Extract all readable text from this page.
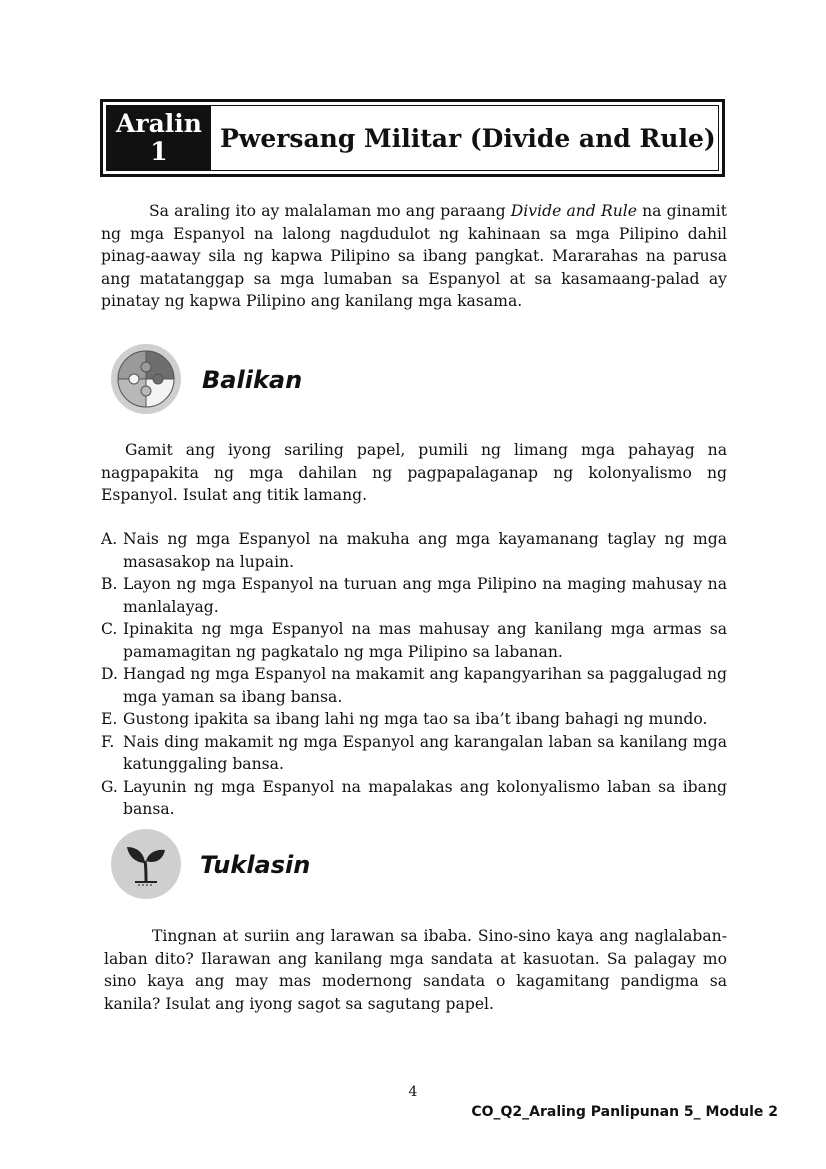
Aralin
1	Pwersang Militar (Divide and Rule)

Sa araling ito ay malalaman mo ang paraang Divide and Rule na ginamit ng mga Espanyol na lalong nagdudulot ng kahinaan sa mga Pilipino dahil pinag-aaway sila ng kapwa Pilipino sa ibang pangkat. Mararahas na parusa ang matatanggap sa mga lumaban sa Espanyol at sa kasamaang-palad ay pinatay ng kapwa Pilipino ang kanilang mga kasama.

Balikan

Gamit ang iyong sariling papel, pumili ng limang mga pahayag na nagpapakita ng mga dahilan ng pagpapalaganap ng kolonyalismo ng Espanyol. Isulat ang titik lamang.

A. Nais ng mga Espanyol na makuha ang mga kayamanang taglay ng mga masasakop na lupain.
B. Layon ng mga Espanyol na turuan ang mga Pilipino na maging mahusay na manlalayag.
C. Ipinakita ng mga Espanyol na mas mahusay ang kanilang mga armas sa pamamagitan ng pagkatalo ng mga Pilipino sa labanan.
D. Hangad ng mga Espanyol na makamit ang kapangyarihan sa paggalugad ng mga yaman sa ibang bansa.
E. Gustong ipakita sa ibang lahi ng mga tao sa iba’t ibang bahagi ng mundo.
F. Nais ding makamit ng mga Espanyol ang karangalan laban sa kanilang mga katunggaling bansa.
G. Layunin ng mga Espanyol na mapalakas ang kolonyalismo laban sa ibang bansa.
Tuklasin

Tingnan at suriin ang larawan sa ibaba. Sino-sino kaya ang naglalaban-laban dito? Ilarawan ang kanilang mga sandata at kasuotan. Sa palagay mo sino kaya ang may mas modernong sandata o kagamitang pandigma sa kanila? Isulat ang iyong sagot sa sagutang papel.

4

CO_Q2_Araling Panlipunan 5_ Module 2
